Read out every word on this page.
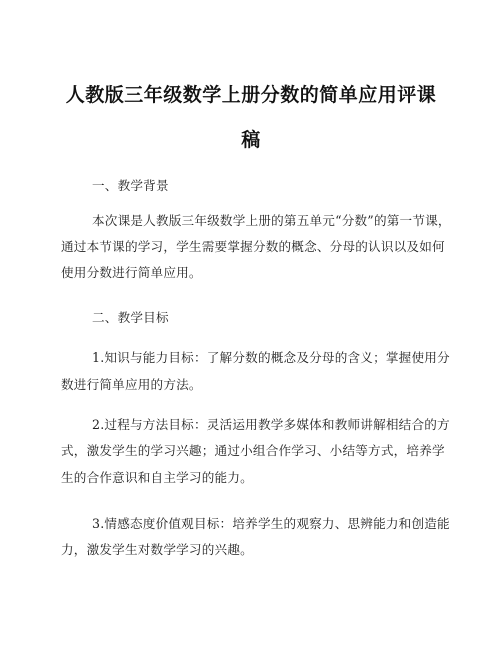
人教版三年级数学上册分数的简单应用评课
稿
一、教学背景
本次课是人教版三年级数学上册的第五单元“分数”的第一节课，
通过本节课的学习，学生需要掌握分数的概念、分母的认识以及如何
使用分数进行简单应用。
二、教学目标
1.知识与能力目标：了解分数的概念及分母的含义；掌握使用分
数进行简单应用的方法。
2.过程与方法目标：灵活运用教学多媒体和教师讲解相结合的方
式，激发学生的学习兴趣；通过小组合作学习、小结等方式，培养学
生的合作意识和自主学习的能力。
3.情感态度价值观目标：培养学生的观察力、思辨能力和创造能
力，激发学生对数学学习的兴趣。
